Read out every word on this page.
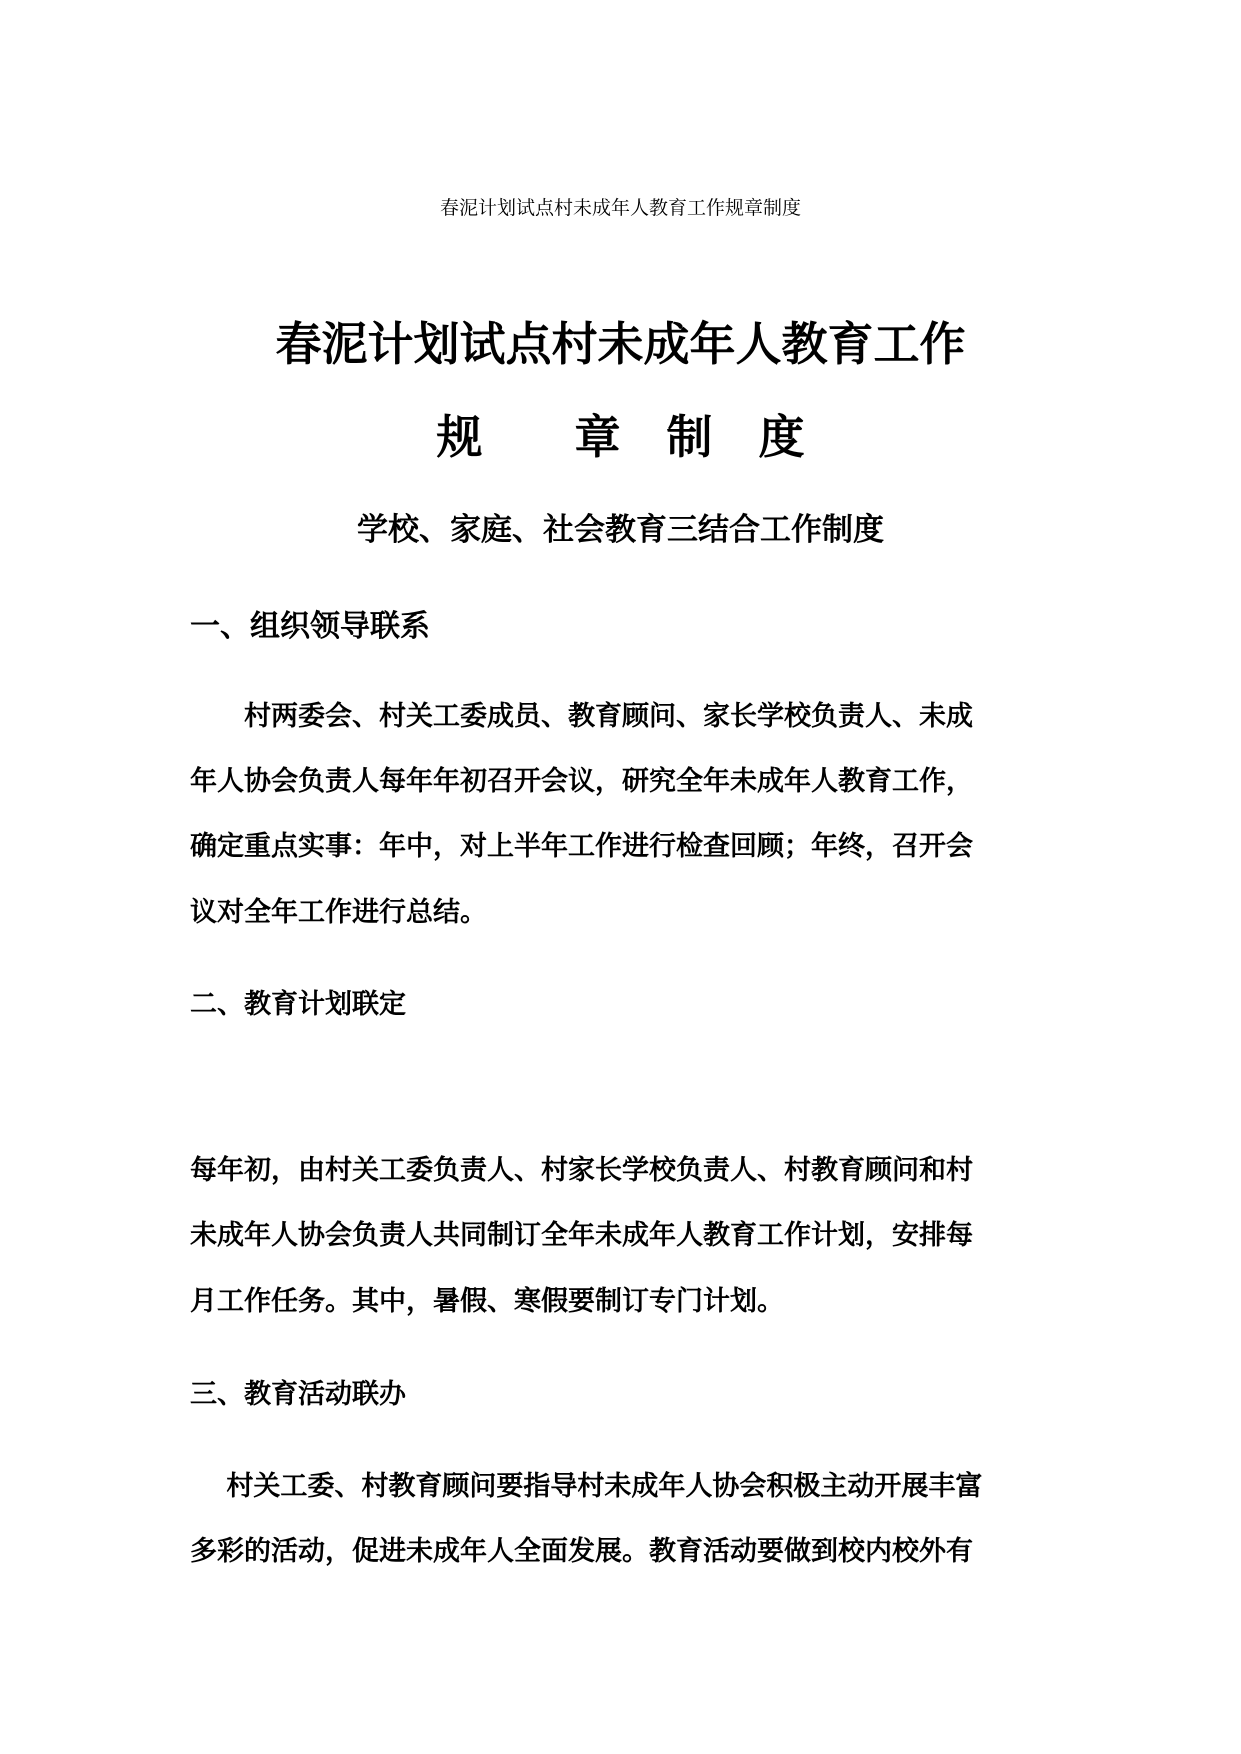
春泥计划试点村未成年人教育工作规章制度
春泥计划试点村未成年人教育工作
规　　章　制　度
学校、家庭、社会教育三结合工作制度
一、组织领导联系
　　村两委会、村关工委成员、教育顾问、家长学校负责人、未成
年人协会负责人每年年初召开会议，研究全年未成年人教育工作，
确定重点实事：年中，对上半年工作进行检查回顾；年终，召开会
议对全年工作进行总结。
二、教育计划联定
每年初，由村关工委负责人、村家长学校负责人、村教育顾问和村
未成年人协会负责人共同制订全年未成年人教育工作计划，安排每
月工作任务。其中，暑假、寒假要制订专门计划。
三、教育活动联办
　 村关工委、村教育顾问要指导村未成年人协会积极主动开展丰富
多彩的活动，促进未成年人全面发展。教育活动要做到校内校外有
